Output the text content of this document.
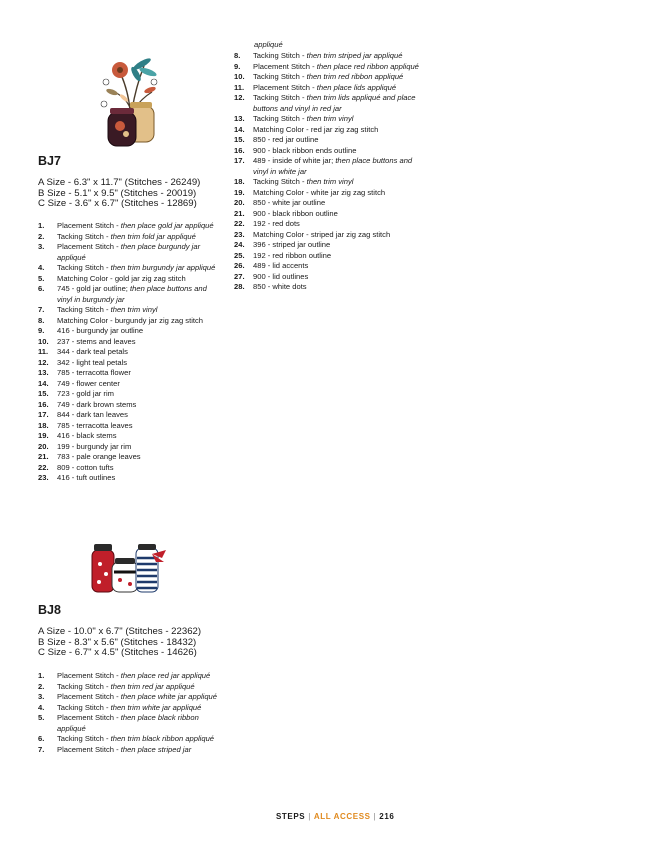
BJ7
A Size - 6.3" x 11.7" (Stitches - 26249)
B Size - 5.1" x 9.5" (Stitches - 20019)
C Size - 3.6" x 6.7" (Stitches - 12869)
1.	Placement Stitch - then place gold jar appliqué
2.	Tacking Stitch - then trim fold jar appliqué
3.	Placement Stitch - then place burgundy jar appliqué
4.	Tacking Stitch - then trim burgundy jar appliqué
5.	Matching Color - gold jar zig zag stitch
6.	745 - gold jar outline; then place buttons and vinyl in burgundy jar
7.	Tacking Stitch - then trim vinyl
8.	Matching Color - burgundy jar zig zag stitch
9.	416 - burgundy jar outline
10.	237 - stems and leaves
11.	344 - dark teal petals
12.	342 - light teal petals
13.	785 - terracotta flower
14.	749 - flower center
15.	723 - gold jar rim
16.	749 - dark brown stems
17.	844 - dark tan leaves
18.	785 - terracotta leaves
19.	416 - black stems
20.	199 - burgundy jar rim
21.	783 - pale orange leaves
22.	809 - cotton tufts
23.	416 - tuft outlines
BJ8
A Size - 10.0" x 6.7" (Stitches - 22362)
B Size - 8.3" x 5.6" (Stitches - 18432)
C Size - 6.7" x 4.5" (Stitches - 14626)
1.	Placement Stitch - then place red jar appliqué
2.	Tacking Stitch - then trim red jar appliqué
3.	Placement Stitch - then place white jar appliqué
4.	Tacking Stitch - then trim white jar appliqué
5.	Placement Stitch - then place black ribbon appliqué
6.	Tacking Stitch - then trim black ribbon appliqué
7.	Placement Stitch - then place striped jar
appliqué
8.	Tacking Stitch - then trim striped jar appliqué
9.	Placement Stitch - then place red ribbon appliqué
10.	Tacking Stitch - then trim red ribbon appliqué
11.	Placement Stitch - then place lids appliqué
12.	Tacking Stitch - then trim lids appliqué and place buttons and vinyl in red jar
13.	Tacking Stitch - then trim vinyl
14.	Matching Color - red jar zig zag stitch
15.	850 - red jar outline
16.	900 - black ribbon ends outline
17.	489 - inside of white jar; then place buttons and vinyl in white jar
18.	Tacking Stitch - then trim vinyl
19.	Matching Color - white jar zig zag stitch
20.	850 - white jar outline
21.	900 - black ribbon outline
22.	192 - red dots
23.	Matching Color - striped jar zig zag stitch
24.	396 - striped jar outline
25.	192 - red ribbon outline
26.	489 - lid accents
27.	900 - lid outlines
28.	850 - white dots
STEPS | ALL ACCESS | 216
